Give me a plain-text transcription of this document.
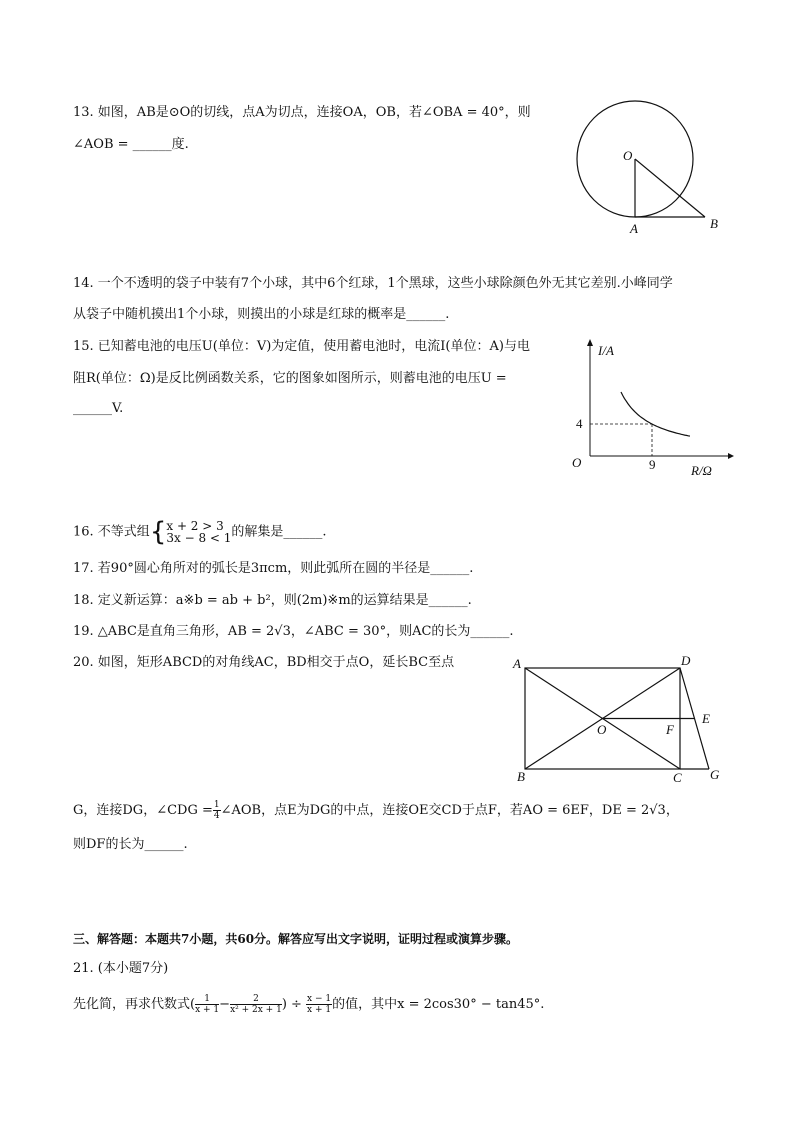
13. 如图，AB是⊙O的切线，点A为切点，连接OA，OB，若∠OBA = 40°，则
∠AOB = ______度.
O
A	B
14. 一个不透明的袋子中装有7个小球，其中6个红球，1个黑球，这些小球除颜色外无其它差别.小峰同学
从袋子中随机摸出1个小球，则摸出的小球是红球的概率是______.
15. 已知蓄电池的电压U(单位：V)为定值，使用蓄电池时，电流I(单位：A)与电
阻R(单位：Ω)是反比例函数关系，它的图象如图所示，则蓄电池的电压U =
______V.
I/A
R/Ω
O
4
9
16. 不等式组{ x + 2 > 3
3x − 8 < 1 的解集是______.
17. 若90°圆心角所对的弧长是3πcm，则此弧所在圆的半径是______.
18. 定义新运算：a※b = ab + b²，则(2m)※m的运算结果是______.
19. △ABC是直角三角形，AB = 2√3，∠ABC = 30°，则AC的长为______.
20. 如图，矩形ABCD的对角线AC，BD相交于点O，延长BC至点	A	D
E
F
O
B	C G
G，连接DG，∠CDG = $\frac{1}{4}$ ∠AOB，点E为DG的中点，连接OE交CD于点F，若AO = 6EF，DE = 2√3，
则DF的长为______.
三、解答题：本题共7小题，共60分。解答应写出文字说明，证明过程或演算步骤。
21. (本小题7分)
先化简，再求代数式( $\frac{1}{x + 1} - \frac{2}{\text{x² + 2x + 1}}$ ) ÷ $\frac{x - 1}{x + 1}$ 的值，其中x = 2cos30° − tan45°.
